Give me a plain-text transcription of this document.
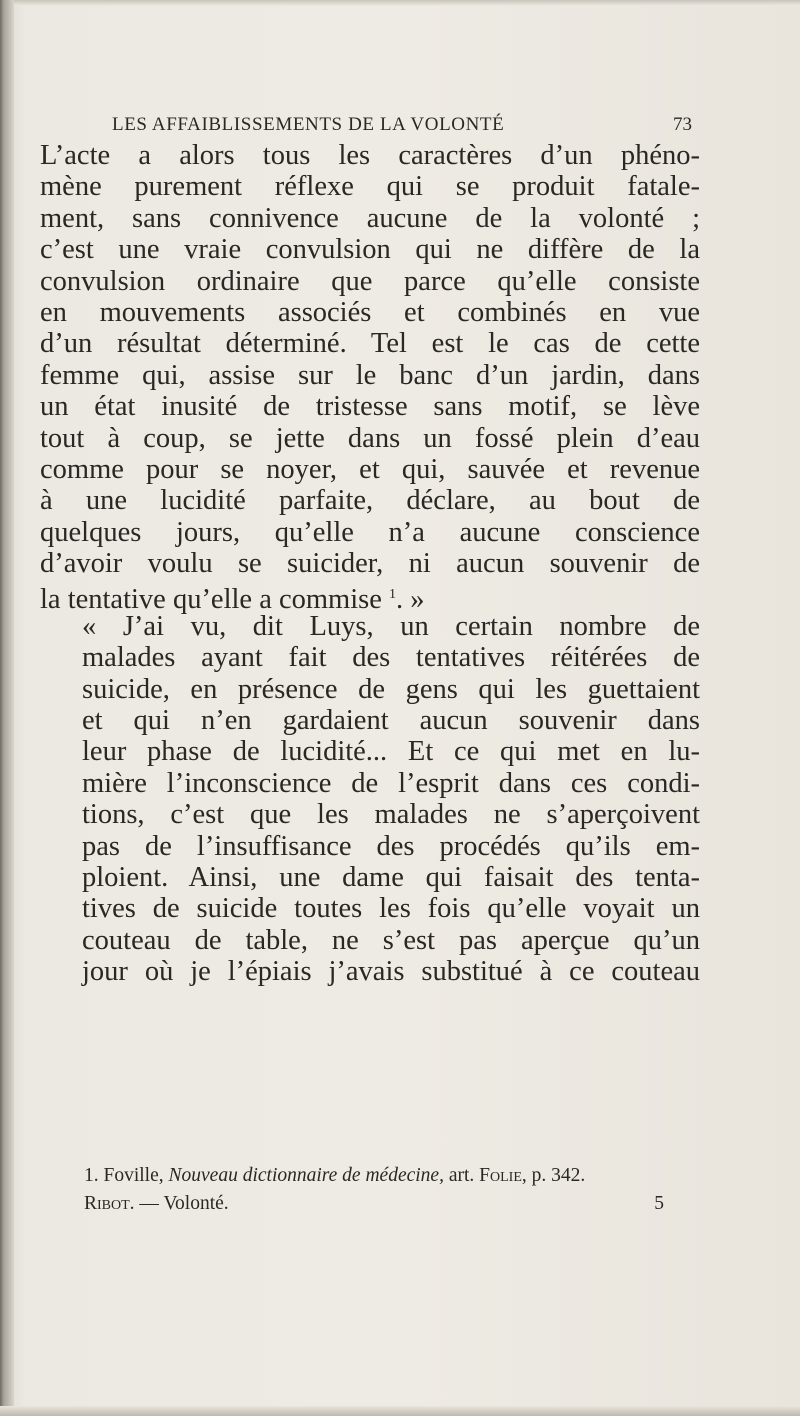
LES AFFAIBLISSEMENTS DE LA VOLONTÉ	73
L’acte a alors tous les caractères d’un phéno-
mène purement réflexe qui se produit fatale-
ment, sans connivence aucune de la volonté ;
c’est une vraie convulsion qui ne diffère de la
convulsion ordinaire que parce qu’elle consiste
en mouvements associés et combinés en vue
d’un résultat déterminé. Tel est le cas de cette
femme qui, assise sur le banc d’un jardin, dans
un état inusité de tristesse sans motif, se lève
tout à coup, se jette dans un fossé plein d’eau
comme pour se noyer, et qui, sauvée et revenue
à une lucidité parfaite, déclare, au bout de
quelques jours, qu’elle n’a aucune conscience
d’avoir voulu se suicider, ni aucun souvenir de
la tentative qu’elle a commise $^1$. »
« J’ai vu, dit Luys, un certain nombre de
malades ayant fait des tentatives réitérées de
suicide, en présence de gens qui les guettaient
et qui n’en gardaient aucun souvenir dans
leur phase de lucidité... Et ce qui met en lu-
mière l’inconscience de l’esprit dans ces condi-
tions, c’est que les malades ne s’aperçoivent
pas de l’insuffisance des procédés qu’ils em-
ploient. Ainsi, une dame qui faisait des tenta-
tives de suicide toutes les fois qu’elle voyait un
couteau de table, ne s’est pas aperçue qu’un
jour où je l’épiais j’avais substitué à ce couteau
1. Foville, Nouveau dictionnaire de médecine, art. Folie, p. 342.
Ribot. — Volonté.	5
